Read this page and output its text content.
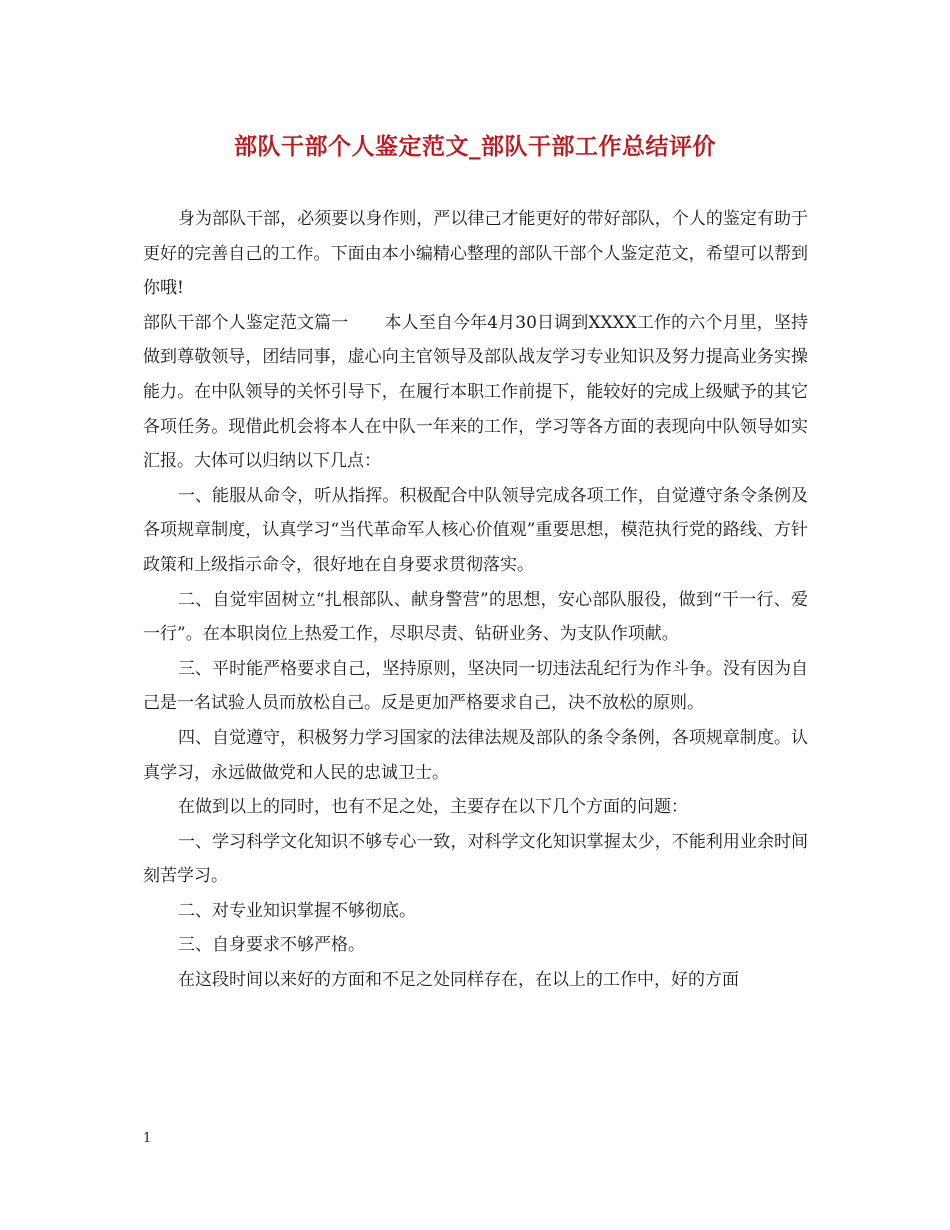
部队干部个人鉴定范文_部队干部工作总结评价

身为部队干部，必须要以身作则，严以律己才能更好的带好部队，个人的鉴定有助于更好的完善自己的工作。下面由本小编精心整理的部队干部个人鉴定范文，希望可以帮到你哦!

部队干部个人鉴定范文篇一 本人至自今年4月30日调到XXXX工作的六个月里，坚持做到尊敬领导，团结同事，虚心向主官领导及部队战友学习专业知识及努力提高业务实操能力。在中队领导的关怀引导下，在履行本职工作前提下，能较好的完成上级赋予的其它各项任务。现借此机会将本人在中队一年来的工作，学习等各方面的表现向中队领导如实汇报。大体可以归纳以下几点：

一、能服从命令，听从指挥。积极配合中队领导完成各项工作，自觉遵守条令条例及各项规章制度，认真学习“当代革命军人核心价值观”重要思想，模范执行党的路线、方针政策和上级指示命令，很好地在自身要求贯彻落实。

二、自觉牢固树立“扎根部队、献身警营”的思想，安心部队服役，做到“干一行、爱一行”。在本职岗位上热爱工作，尽职尽责、钻研业务、为支队作项献。

三、平时能严格要求自己，坚持原则，坚决同一切违法乱纪行为作斗争。没有因为自己是一名试验人员而放松自己。反是更加严格要求自己，决不放松的原则。

四、自觉遵守，积极努力学习国家的法律法规及部队的条令条例，各项规章制度。认真学习，永远做做党和人民的忠诚卫士。

在做到以上的同时，也有不足之处，主要存在以下几个方面的问题：

一、学习科学文化知识不够专心一致，对科学文化知识掌握太少，不能利用业余时间刻苦学习。

二、对专业知识掌握不够彻底。

三、自身要求不够严格。

在这段时间以来好的方面和不足之处同样存在，在以上的工作中，好的方面

1
